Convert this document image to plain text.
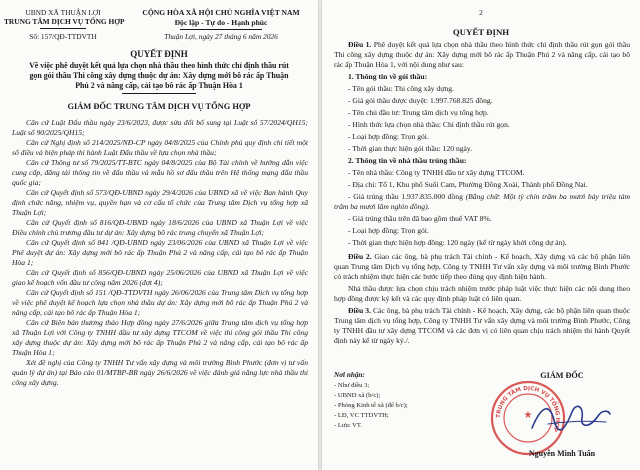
UBND XÃ THUẬN LỢI
TRUNG TÂM DỊCH VỤ TỔNG HỢP
Số: 157/QĐ-TTDVTH
CỘNG HÒA XÃ HỘI CHỦ NGHĨA VIỆT NAM
Độc lập - Tự do - Hạnh phúc
Thuận Lợi, ngày 27 tháng 6 năm 2026
QUYẾT ĐỊNH
Về việc phê duyệt kết quả lựa chọn nhà thầu theo hình thức chỉ định thầu rút
gọn gói thầu Thi công xây dựng thuộc dự án: Xây dựng mới bô rác ấp Thuận
Phú 2 và nâng cấp, cải tạo bô rác ấp Thuận Hòa 1
GIÁM ĐỐC TRUNG TÂM DỊCH VỤ TỔNG HỢP

Căn cứ Luật Đấu thầu ngày 23/6/2023, được sửa đổi bổ sung tại Luật số 57/2024/QH15; Luật số 90/2025/QH15;

Căn cứ Nghị định số 214/2025/NĐ-CP ngày 04/8/2025 của Chính phủ quy định chi tiết một số điều và biện pháp thi hành Luật Đấu thầu về lựa chọn nhà thầu;

Căn cứ Thông tư số 79/2025/TT-BTC ngày 04/8/2025 của Bộ Tài chính về hướng dẫn việc cung cấp, đăng tải thông tin về đấu thầu và mẫu hồ sơ đấu thầu trên Hệ thống mạng đấu thầu quốc gia;

Căn cứ Quyết định số 573/QĐ-UBND ngày 29/4/2026 của UBND xã về việc Ban hành Quy định chức năng, nhiệm vụ, quyền hạn và cơ cấu tổ chức của Trung tâm Dịch vụ tổng hợp xã Thuận Lợi;

Căn cứ Quyết định số 816/QĐ-UBND ngày 18/6/2026 của UBND xã Thuận Lợi về việc Điều chỉnh chủ trương đầu tư dự án: Xây dựng bô rác trung chuyển xã Thuận Lợi;

Căn cứ Quyết định số 841 /QĐ-UBND ngày 23/06/2026 của UBND xã Thuận Lợi về việc Phê duyệt dự án: Xây dựng mới bô rác ấp Thuận Phú 2 và nâng cấp, cải tạo bô rác ấp Thuận Hòa 1;

Căn cứ Quyết định số 856/QĐ-UBND ngày 25/06/2026 của UBND xã Thuận Lợi về việc giao kế hoạch vốn đầu tư công năm 2026 (đợt 4);

Căn cứ Quyết định số 151 /QĐ-TTDVTH ngày 26/06/2026 của Trung tâm Dịch vụ tổng hợp về việc phê duyệt kế hoạch lựa chọn nhà thầu dự án: Xây dựng mới bô rác ấp Thuận Phú 2 và nâng cấp, cải tạo bô rác ấp Thuận Hòa 1;

Căn cứ Biên bản thương thảo Hợp đồng ngày 27/6/2026 giữa Trung tâm dịch vụ tổng hợp xã Thuận Lợi với Công ty TNHH đầu tư xây dựng TTCOM về việc thi công gói thầu Thi công xây dựng thuộc dự án: Xây dựng mới bô rác ấp Thuận Phú 2 và nâng cấp, cải tạo bô rác ấp Thuận Hòa 1;

Xét đề nghị của Công ty TNHH Tư vấn xây dựng và môi trường Bình Phước (đơn vị tư vấn quản lý dự án) tại Báo cáo 01/MTBP-BR ngày 26/6/2026 về việc đánh giá năng lực nhà thầu thi công xây dựng.

2
QUYẾT ĐỊNH

Điều 1. Phê duyệt kết quả lựa chọn nhà thầu theo hình thức chỉ định thầu rút gọn gói thầu Thi công xây dựng thuộc dự án: Xây dựng mới bô rác ấp Thuận Phú 2 và nâng cấp, cải tạo bô rác ấp Thuận Hòa 1, với nội dung như sau:

1. Thông tin về gói thầu:

- Tên gói thầu: Thi công xây dựng.

- Giá gói thầu được duyệt: 1.997.768.825 đồng.

- Tên chủ đầu tư: Trung tâm dịch vụ tổng hợp.

- Hình thức lựa chọn nhà thầu: Chỉ định thầu rút gọn.

- Loại hợp đồng: Trọn gói.

- Thời gian thực hiện gói thầu: 120 ngày.

2. Thông tin về nhà thầu trúng thầu:

- Tên nhà thầu: Công ty TNHH đầu tư xây dựng TTCOM.

- Địa chỉ: Tổ 1, Khu phố Suối Cam, Phường Đồng Xoài, Thành phố Đồng Nai.

- Giá trúng thầu 1.937.835.000 đồng (Bằng chữ: Một tỷ chín trăm ba mươi bảy triệu tám trăm ba mươi lăm nghìn đồng).

- Giá trúng thầu trên đã bao gồm thuế VAT 8%.

- Loại hợp đồng: Trọn gói.

- Thời gian thực hiện hợp đồng: 120 ngày (kể từ ngày khởi công dự án).

Điều 2. Giao các ông, bà phụ trách Tài chính - Kế hoạch, Xây dựng và các bộ phận liên quan Trung tâm Dịch vụ tổng hợp, Công ty TNHH Tư vấn xây dựng và môi trường Bình Phước có trách nhiệm thực hiện các bước tiếp theo đúng quy định hiện hành.

Nhà thầu được lựa chọn chịu trách nhiệm trước pháp luật việc thực hiện các nội dung theo hợp đồng được ký kết và các quy định pháp luật có liên quan.

Điều 3. Các ông, bà phụ trách Tài chính - Kế hoạch, Xây dựng, các bộ phận liên quan thuộc Trung tâm dịch vụ tổng hợp, Công ty TNHH Tư vấn xây dựng và môi trường Bình Phước, Công ty TNHH đầu tư xây dựng TTCOM và các đơn vị có liên quan chịu trách nhiệm thi hành Quyết định này kể từ ngày ký./.

Nơi nhận:
- Như điều 3;
- UBND xã (b/c);
- Phòng Kinh tế xã (để b/c);
- LĐ, VC TTDVTH;
- Lưu: VT.
GIÁM ĐỐC
TRUNG TÂM DỊCH VỤ TỔNG HỢP
★
Nguyễn Minh Tuấn
